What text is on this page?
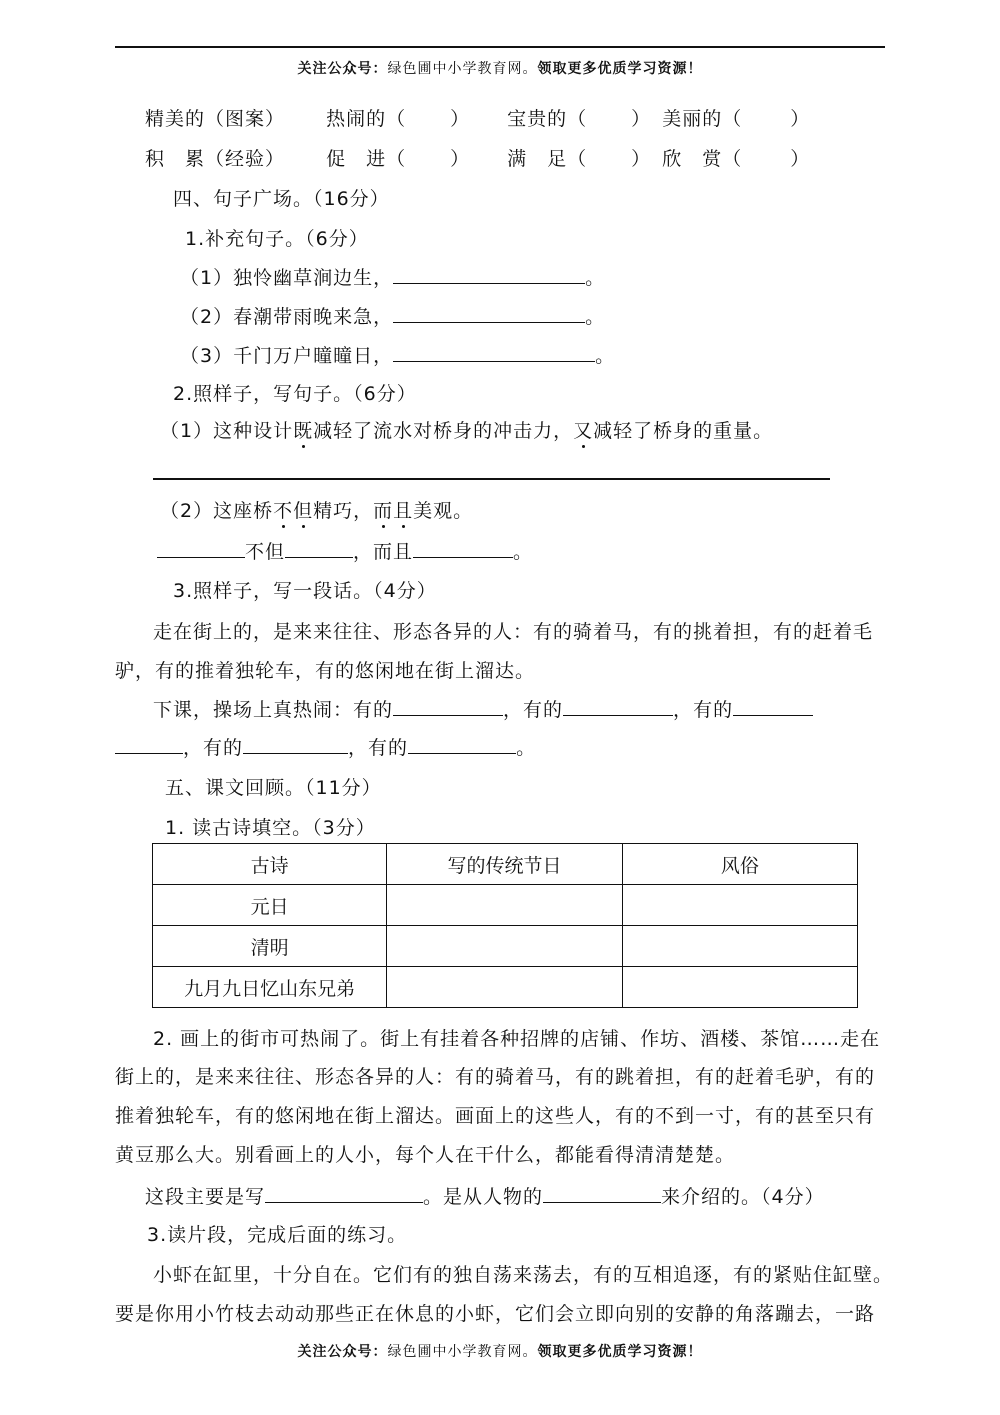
关注公众号：绿色圃中小学教育网。领取更多优质学习资源！
精美的（图案） 热闹的（ ） 宝贵的（ ） 美丽的（	）
积　累（经验） 促　进（ ） 满　足（ ） 欣　赏（	）
四、句子广场。（16分）
1.补充句子。（6分）
（1）独怜幽草涧边生，	。
（2）春潮带雨晚来急，	。
（3）千门万户曈曈日，	。
2.照样子，写句子。（6分）
（1）这种设计既减轻了流水对桥身的冲击力，又减轻了桥身的重量。
（2）这座桥不但精巧，而且美观。
不但	，而且	。
3.照样子，写一段话。（4分）
走在街上的，是来来往往、形态各异的人：有的骑着马，有的挑着担，有的赶着毛
驴，有的推着独轮车，有的悠闲地在街上溜达。
下课，操场上真热闹：有的	，有的	，有的
，有的	，有的	。
五、课文回顾。（11分）
1. 读古诗填空。（3分）
古诗	写的传统节日	风俗
元日		
清明		
九月九日忆山东兄弟		
2. 画上的街市可热闹了。街上有挂着各种招牌的店铺、作坊、酒楼、茶馆……走在
街上的，是来来往往、形态各异的人：有的骑着马，有的跳着担，有的赶着毛驴，有的
推着独轮车，有的悠闲地在街上溜达。画面上的这些人，有的不到一寸，有的甚至只有
黄豆那么大。别看画上的人小，每个人在干什么，都能看得清清楚楚。
这段主要是写	。是从人物的	来介绍的。（4分）
3.读片段，完成后面的练习。
小虾在缸里，十分自在。它们有的独自荡来荡去，有的互相追逐，有的紧贴住缸壁。
要是你用小竹枝去动动那些正在休息的小虾，它们会立即向别的安静的角落蹦去，一路
关注公众号：绿色圃中小学教育网。领取更多优质学习资源！
